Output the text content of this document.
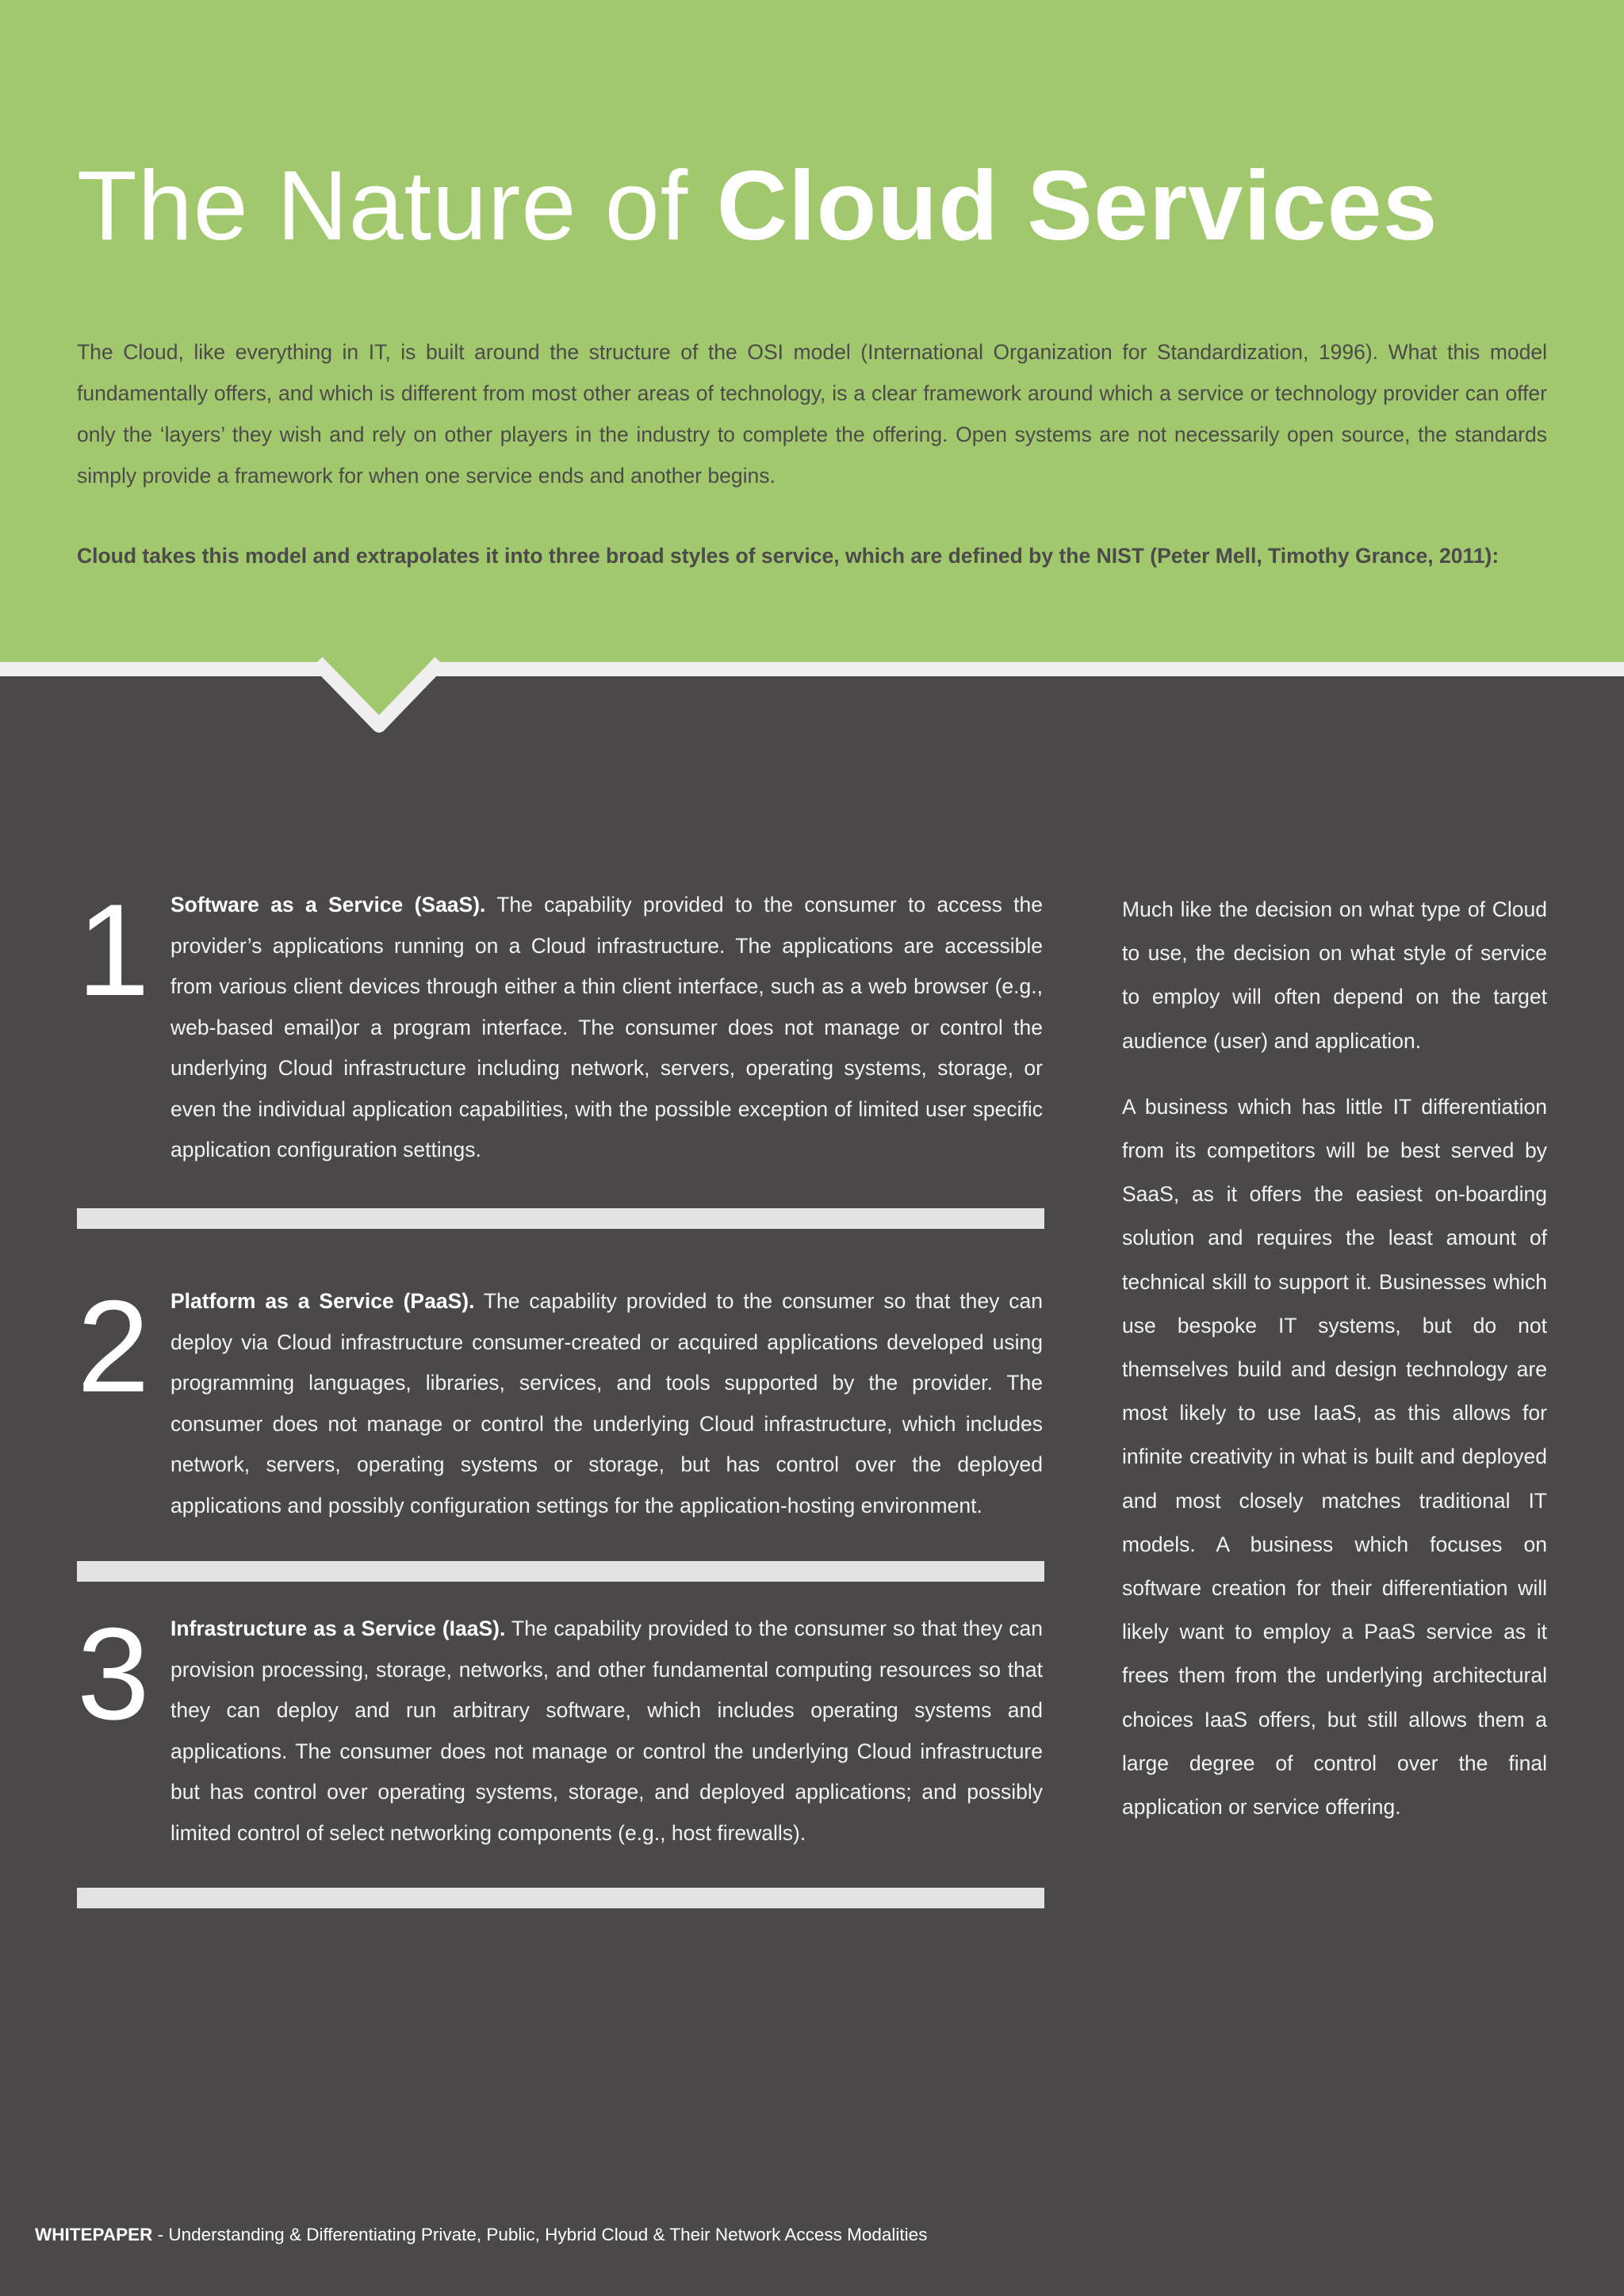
The Nature of Cloud Services

The Cloud, like everything in IT, is built around the structure of the OSI model (International Organization for Standardization, 1996). What this model fundamentally offers, and which is different from most other areas of technology, is a clear framework around which a service or technology provider can offer only the ‘layers’ they wish and rely on other players in the industry to complete the offering. Open systems are not necessarily open source, the standards simply provide a framework for when one service ends and another begins.

Cloud takes this model and extrapolates it into three broad styles of service, which are defined by the NIST (Peter Mell, Timothy Grance, 2011):

1 Software as a Service (SaaS). The capability provided to the consumer to access the provider’s applications running on a Cloud infrastructure. The applications are accessible from various client devices through either a thin client interface, such as a web browser (e.g., web-based email)or a program interface. The consumer does not manage or control the underlying Cloud infrastructure including network, servers, operating systems, storage, or even the individual application capabilities, with the possible exception of limited user specific application configuration settings.

2 Platform as a Service (PaaS). The capability provided to the consumer so that they can deploy via Cloud infrastructure consumer-created or acquired applications developed using programming languages, libraries, services, and tools supported by the provider. The consumer does not manage or control the underlying Cloud infrastructure, which includes network, servers, operating systems or storage, but has control over the deployed applications and possibly configuration settings for the application-hosting environment.

3 Infrastructure as a Service (IaaS). The capability provided to the consumer so that they can provision processing, storage, networks, and other fundamental computing resources so that they can deploy and run arbitrary software, which includes operating systems and applications. The consumer does not manage or control the underlying Cloud infrastructure but has control over operating systems, storage, and deployed applications; and possibly limited control of select networking components (e.g., host firewalls).

Much like the decision on what type of Cloud to use, the decision on what style of service to employ will often depend on the target audience (user) and application.

A business which has little IT differentiation from its competitors will be best served by SaaS, as it offers the easiest on-boarding solution and requires the least amount of technical skill to support it. Businesses which use bespoke IT systems, but do not themselves build and design technology are most likely to use IaaS, as this allows for infinite creativity in what is built and deployed and most closely matches traditional IT models. A business which focuses on software creation for their differentiation will likely want to employ a PaaS service as it frees them from the underlying architectural choices IaaS offers, but still allows them a large degree of control over the final application or service offering.

WHITEPAPER - Understanding & Differentiating Private, Public, Hybrid Cloud & Their Network Access Modalities
